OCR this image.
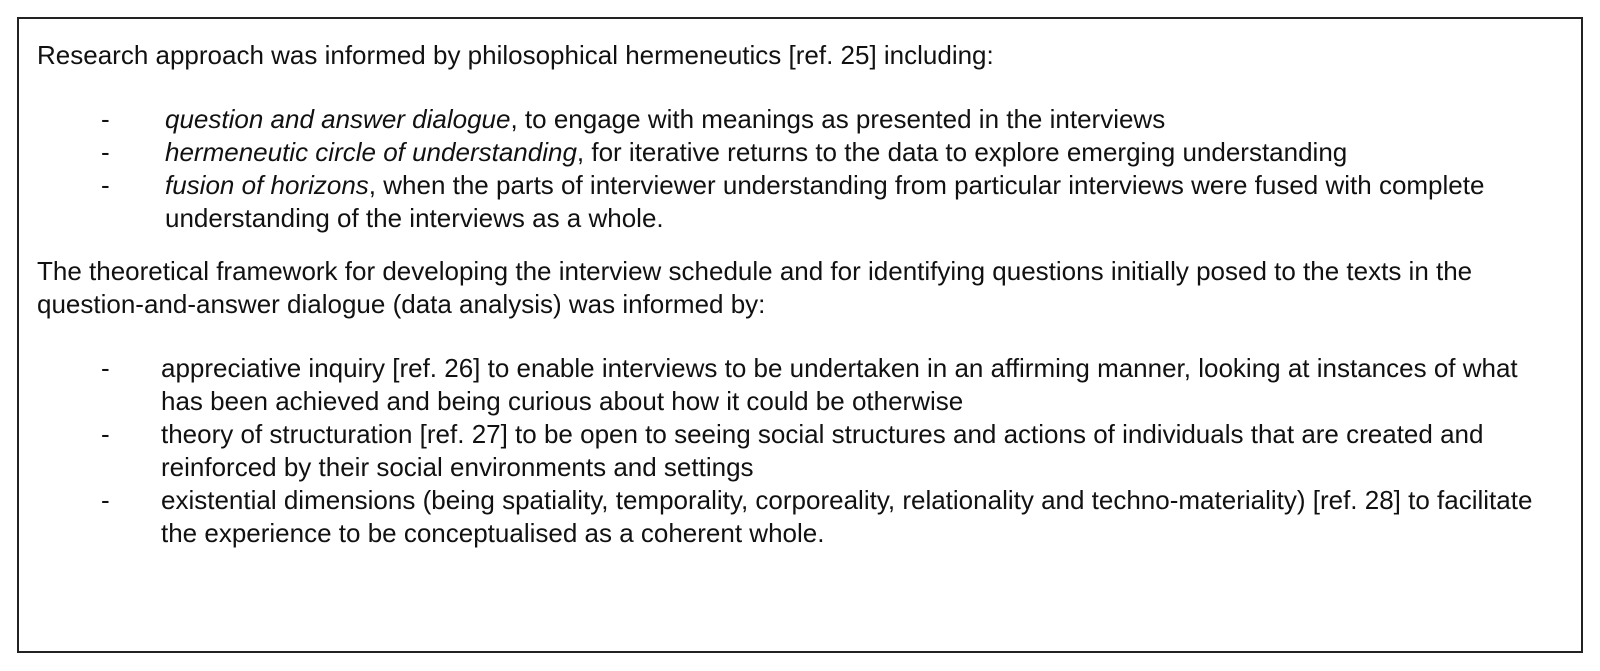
Research approach was informed by philosophical hermeneutics [ref. 25] including:

- question and answer dialogue, to engage with meanings as presented in the interviews
- hermeneutic circle of understanding, for iterative returns to the data to explore emerging understanding
- fusion of horizons, when the parts of interviewer understanding from particular interviews were fused with complete understanding of the interviews as a whole.

The theoretical framework for developing the interview schedule and for identifying questions initially posed to the texts in the question-and-answer dialogue (data analysis) was informed by:

- appreciative inquiry [ref. 26] to enable interviews to be undertaken in an affirming manner, looking at instances of what has been achieved and being curious about how it could be otherwise
- theory of structuration [ref. 27] to be open to seeing social structures and actions of individuals that are created and reinforced by their social environments and settings
- existential dimensions (being spatiality, temporality, corporeality, relationality and techno-materiality) [ref. 28] to facilitate the experience to be conceptualised as a coherent whole.
